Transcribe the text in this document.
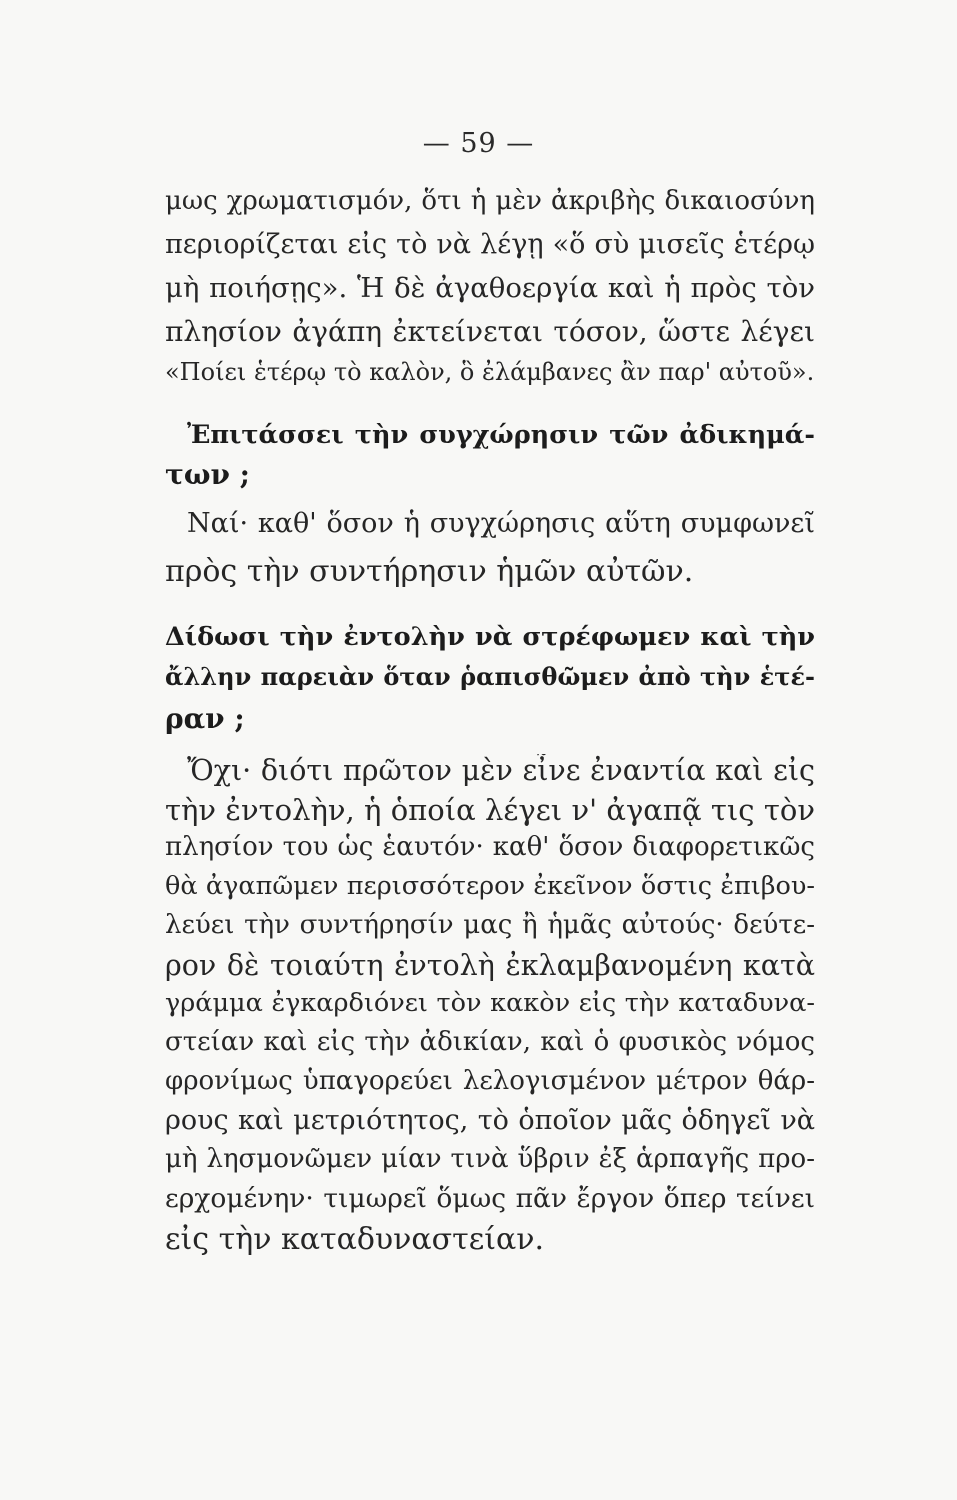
— 59 —
μως χρωματισμόν, ὅτι ἡ μὲν ἀκριβὴς δικαιοσύνη
περιορίζεται εἰς τὸ νὰ λέγῃ «ὅ σὺ μισεῖς ἑτέρῳ
μὴ ποιήσῃς». Ἡ δὲ ἀγαθοεργία καὶ ἡ πρὸς τὸν
πλησίον ἀγάπη ἐκτείνεται τόσον, ὥστε λέγει
«Ποίει ἑτέρῳ τὸ καλὸν, ὃ ἐλάμβανες ἂν παρ' αὐτοῦ».
Ἐπιτάσσει τὴν συγχώρησιν τῶν ἀδικημά-
των ;
Ναί· καθ' ὅσον ἡ συγχώρησις αὕτη συμφωνεῖ
πρὸς τὴν συντήρησιν ἡμῶν αὐτῶν.
Δίδωσι τὴν ἐντολὴν νὰ στρέφωμεν καὶ τὴν
ἄλλην παρειὰν ὅταν ῥαπισθῶμεν ἀπὸ τὴν ἑτέ-
ραν ;
Ὄχι· διότι πρῶτον μὲν εἶνε ἐναντία καὶ εἰς
τὴν ἐντολὴν, ἡ ὁποία λέγει ν' ἀγαπᾷ τις τὸν
πλησίον του ὡς ἑαυτόν· καθ' ὅσον διαφορετικῶς
θὰ ἀγαπῶμεν περισσότερον ἐκεῖνον ὅστις ἐπιβου-
λεύει τὴν συντήρησίν μας ἢ ἡμᾶς αὐτούς· δεύτε-
ρον δὲ τοιαύτη ἐντολὴ ἐκλαμβανομένη κατὰ
γράμμα ἐγκαρδιόνει τὸν κακὸν εἰς τὴν καταδυνα-
στείαν καὶ εἰς τὴν ἀδικίαν, καὶ ὁ φυσικὸς νόμος
φρονίμως ὑπαγορεύει λελογισμένον μέτρον θάρ-
ρους καὶ μετριότητος, τὸ ὁποῖον μᾶς ὁδηγεῖ νὰ
μὴ λησμονῶμεν μίαν τινὰ ὕβριν ἐξ ἁρπαγῆς προ-
ερχομένην· τιμωρεῖ ὅμως πᾶν ἔργον ὅπερ τείνει
εἰς τὴν καταδυναστείαν.
